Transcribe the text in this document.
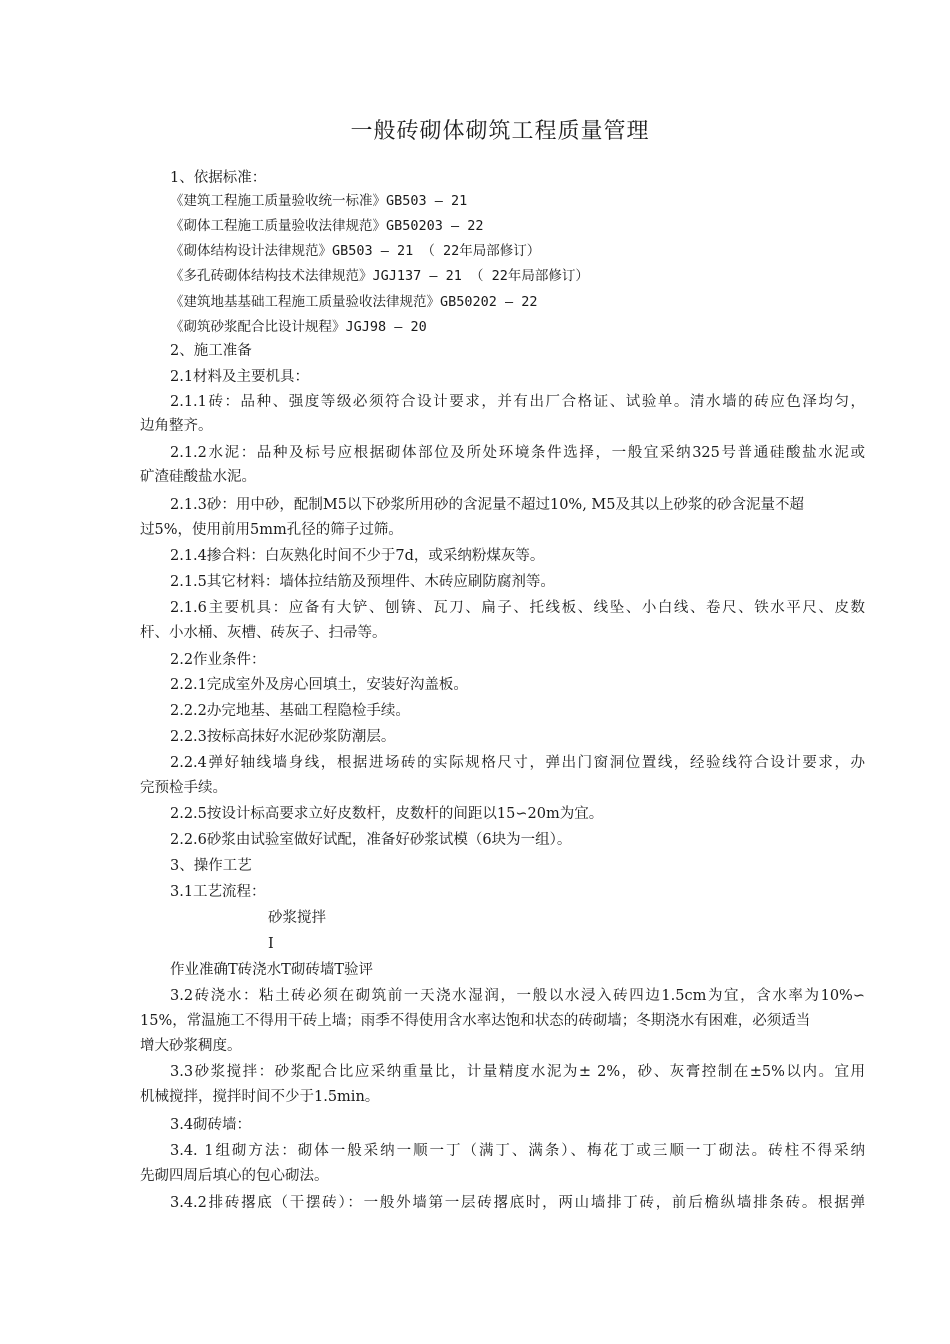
一般砖砌体砌筑工程质量管理
1、依据标准：
《建筑工程施工质量验收统一标准》GB503 – 21
《砌体工程施工质量验收法律规范》GB50203 – 22
《砌体结构设计法律规范》GB503 – 21 （ 22年局部修订）
《多孔砖砌体结构技术法律规范》JGJ137 – 21 （ 22年局部修订）
《建筑地基基础工程施工质量验收法律规范》GB50202 – 22
《砌筑砂浆配合比设计规程》JGJ98 – 20
2、施工准备
2.1材料及主要机具：
2.1.1砖：品种、强度等级必须符合设计要求，并有出厂合格证、试验单。清水墙的砖应色泽均匀，
边角整齐。
2.1.2水泥：品种及标号应根据砌体部位及所处环境条件选择，一般宜采纳325号普通硅酸盐水泥或
矿渣硅酸盐水泥。
2.1.3砂：用中砂，配制M5以下砂浆所用砂的含泥量不超过10%, M5及其以上砂浆的砂含泥量不超
过5%，使用前用5mm孔径的筛子过筛。
2.1.4掺合料：白灰熟化时间不少于7d，或采纳粉煤灰等。
2.1.5其它材料：墙体拉结筋及预埋件、木砖应刷防腐剂等。
2.1.6主要机具：应备有大铲、刨锛、瓦刀、扁子、托线板、线坠、小白线、卷尺、铁水平尺、皮数
杆、小水桶、灰槽、砖灰子、扫帚等。
2.2作业条件：
2.2.1完成室外及房心回填土，安装好沟盖板。
2.2.2办完地基、基础工程隐检手续。
2.2.3按标高抹好水泥砂浆防潮层。
2.2.4弹好轴线墙身线，根据进场砖的实际规格尺寸，弹出门窗洞位置线，经验线符合设计要求，办
完预检手续。
2.2.5按设计标高要求立好皮数杆，皮数杆的间距以15∽20m为宜。
2.2.6砂浆由试验室做好试配，准备好砂浆试模（6块为一组）。
3、操作工艺
3.1工艺流程：
砂浆搅拌
I
作业准确T砖浇水T砌砖墙T验评
3.2砖浇水：粘土砖必须在砌筑前一天浇水湿润，一般以水浸入砖四边1.5cm为宜，含水率为10%∽
15%，常温施工不得用干砖上墙；雨季不得使用含水率达饱和状态的砖砌墙；冬期浇水有困难，必须适当
增大砂浆稠度。
3.3砂浆搅拌：砂浆配合比应采纳重量比，计量精度水泥为± 2%，砂、灰膏控制在±5%以内。宜用
机械搅拌，搅拌时间不少于1.5min。
3.4砌砖墙：
3.4. 1组砌方法：砌体一般采纳一顺一丁（满丁、满条）、梅花丁或三顺一丁砌法。砖柱不得采纳
先砌四周后填心的包心砌法。
3.4.2排砖撂底（干摆砖）：一般外墙第一层砖撂底时，两山墙排丁砖，前后檐纵墙排条砖。根据弹
